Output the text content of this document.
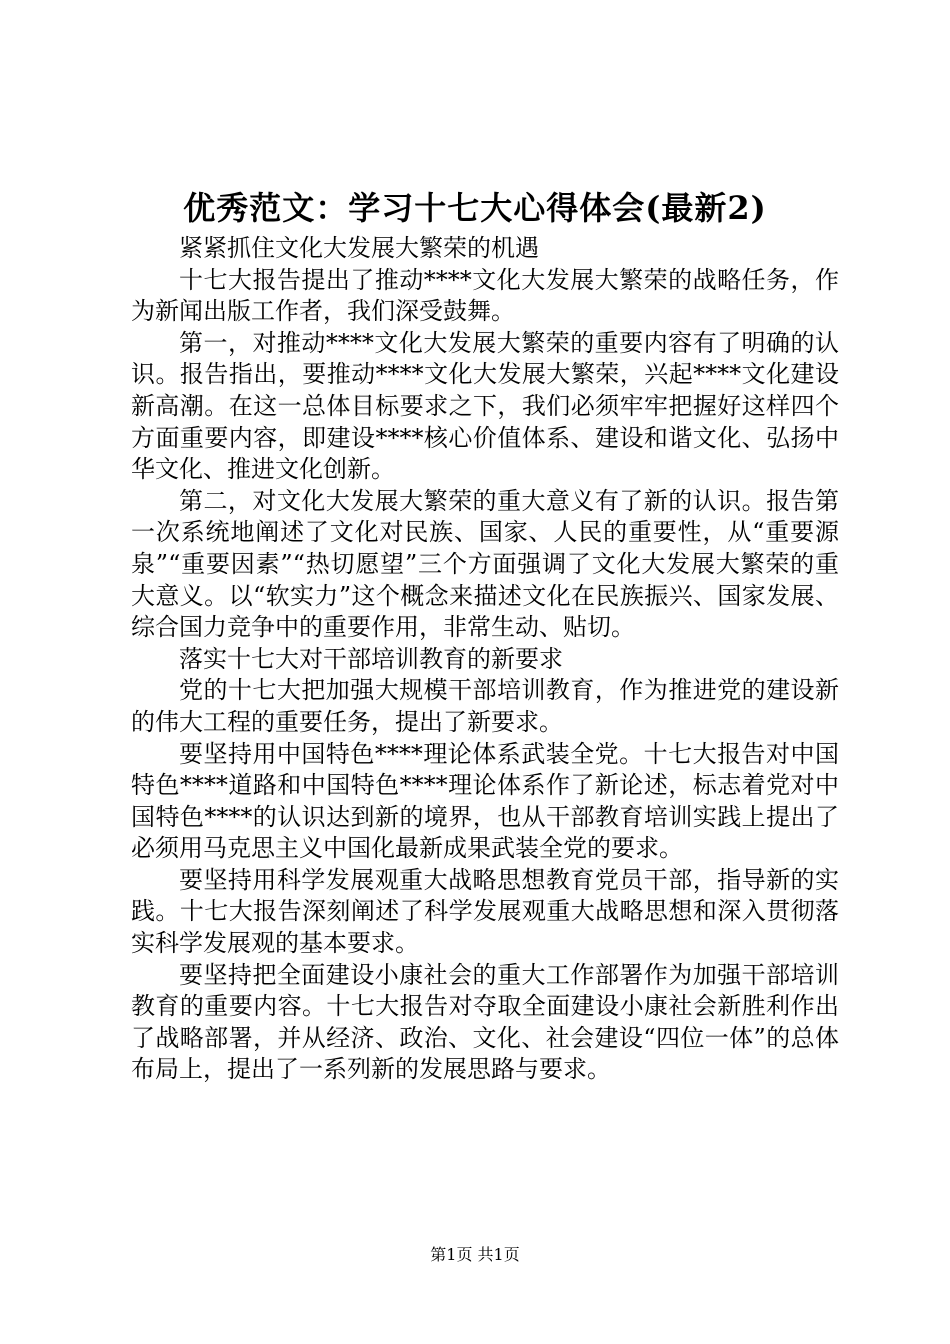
优秀范文：学习十七大心得体会(最新2)

紧紧抓住文化大发展大繁荣的机遇

十七大报告提出了推动****文化大发展大繁荣的战略任务，作为新闻出版工作者，我们深受鼓舞。

第一，对推动****文化大发展大繁荣的重要内容有了明确的认识。报告指出，要推动****文化大发展大繁荣，兴起****文化建设新高潮。在这一总体目标要求之下，我们必须牢牢把握好这样四个方面重要内容，即建设****核心价值体系、建设和谐文化、弘扬中华文化、推进文化创新。

第二，对文化大发展大繁荣的重大意义有了新的认识。报告第一次系统地阐述了文化对民族、国家、人民的重要性，从“重要源泉”“重要因素”“热切愿望”三个方面强调了文化大发展大繁荣的重大意义。以“软实力”这个概念来描述文化在民族振兴、国家发展、综合国力竞争中的重要作用，非常生动、贴切。

落实十七大对干部培训教育的新要求

党的十七大把加强大规模干部培训教育，作为推进党的建设新的伟大工程的重要任务，提出了新要求。

要坚持用中国特色****理论体系武装全党。十七大报告对中国特色****道路和中国特色****理论体系作了新论述，标志着党对中国特色****的认识达到新的境界，也从干部教育培训实践上提出了必须用马克思主义中国化最新成果武装全党的要求。

要坚持用科学发展观重大战略思想教育党员干部，指导新的实践。十七大报告深刻阐述了科学发展观重大战略思想和深入贯彻落实科学发展观的基本要求。

要坚持把全面建设小康社会的重大工作部署作为加强干部培训教育的重要内容。十七大报告对夺取全面建设小康社会新胜利作出了战略部署，并从经济、政治、文化、社会建设“四位一体”的总体布局上，提出了一系列新的发展思路与要求。

第1页 共1页
